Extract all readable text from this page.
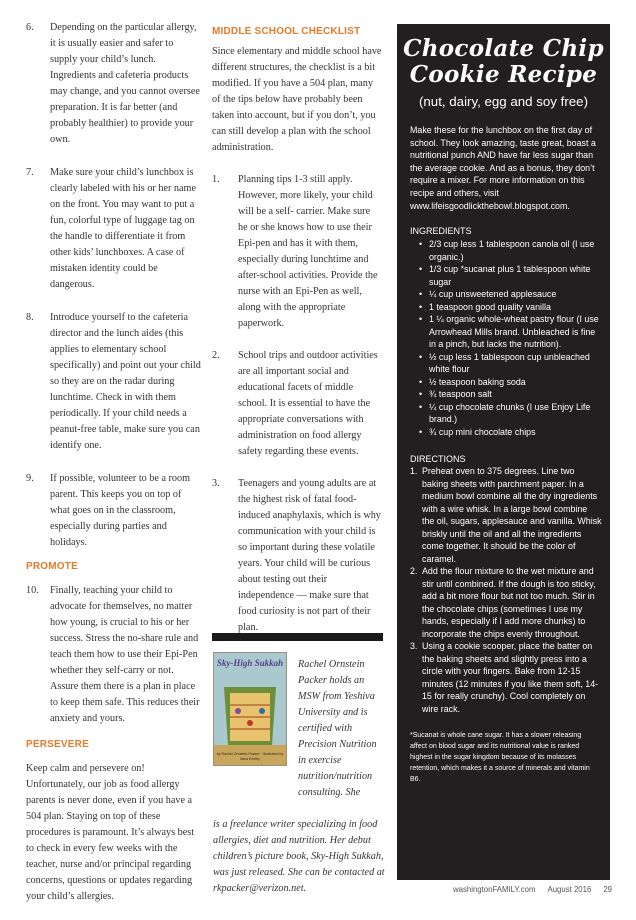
6.	Depending on the particular allergy, it is usually easier and safer to supply your child’s lunch. Ingredients and cafeteria products may change, and you cannot oversee preparation. It is far better (and probably healthier) to provide your own.
7.	Make sure your child’s lunchbox is clearly labeled with his or her name on the front. You may want to put a fun, colorful type of luggage tag on the handle to differentiate it from other kids’ lunchboxes. A case of mistaken identity could be dangerous.
8.	Introduce yourself to the cafeteria director and the lunch aides (this applies to elementary school specifically) and point out your child so they are on the radar during lunchtime. Check in with them periodically. If your child needs a peanut-free table, make sure you can identify one.
9.	If possible, volunteer to be a room parent. This keeps you on top of what goes on in the classroom, especially during parties and holidays.
PROMOTE
10.	Finally, teaching your child to advocate for themselves, no matter how young, is crucial to his or her success. Stress the no-share rule and teach them how to use their Epi-Pen whether they self-carry or not. Assure them there is a plan in place to keep them safe. This reduces their anxiety and yours.
PERSEVERE
Keep calm and persevere on! Unfortunately, our job as food allergy parents is never done, even if you have a 504 plan. Staying on top of these procedures is paramount. It’s always best to check in every few weeks with the teacher, nurse and/or principal regarding concerns, questions or updates regarding your child’s allergies.
MIDDLE SCHOOL CHECKLIST
Since elementary and middle school have different structures, the checklist is a bit modified. If you have a 504 plan, many of the tips below have probably been taken into account, but if you don’t, you can still develop a plan with the school administration.
1.	Planning tips 1-3 still apply. However, more likely, your child will be a self- carrier. Make sure he or she knows how to use their Epi-pen and has it with them, especially during lunchtime and after-school activities. Provide the nurse with an Epi-Pen as well, along with the appropriate paperwork.
2.	School trips and outdoor activities are all important social and educational facets of middle school. It is essential to have the appropriate conversations with administration on food allergy safety regarding these events.
3.	Teenagers and young adults are at the highest risk of fatal food-induced anaphylaxis, which is why communication with your child is so important during these volatile years. Your child will be curious about testing out their independence — make sure that food curiosity is not part of their plan.
Sky-High Sukkah
by Rachel Ornstein-Packer · Illustrated by Ilana Exelby
Rachel Ornstein Packer holds an MSW from Yeshiva University and is certified with Precision Nutrition in exercise nutrition/nutrition consulting. She
is a freelance writer specializing in food allergies, diet and nutrition. Her debut children’s picture book, Sky-High Sukkah, was just released. She can be contacted at rkpacker@verizon.net.
Chocolate Chip
Cookie Recipe
(nut, dairy, egg and soy free)
Make these for the lunchbox on the first day of school. They look amazing, taste great, boast a nutritional punch AND have far less sugar than the average cookie. And as a bonus, they don’t require a mixer. For more information on this recipe and others, visit www.lifeisgoodlickthebowl.blogspot.com.
INGREDIENTS
• 2/3 cup less 1 tablespoon canola oil (I use organic.)
• 1/3 cup *sucanat plus 1 tablespoon white sugar
• ¼ cup unsweetened applesauce
• 1 teaspoon good quality vanilla
• 1 ¼ organic whole-wheat pastry flour (I use Arrowhead Mills brand. Unbleached is fine in a pinch, but lacks the nutrition).
• ½ cup less 1 tablespoon cup unbleached white flour
• ½ teaspoon baking soda
• ¾ teaspoon salt
• ¼ cup chocolate chunks (I use Enjoy Life brand.)
• ¾ cup mini chocolate chips
DIRECTIONS
1. Preheat oven to 375 degrees. Line two baking sheets with parchment paper. In a medium bowl combine all the dry ingredients with a wire whisk. In a large bowl combine the oil, sugars, applesauce and vanilla. Whisk briskly until the oil and all the ingredients come together. It should be the color of caramel.
2. Add the flour mixture to the wet mixture and stir until combined. If the dough is too sticky, add a bit more flour but not too much. Stir in the chocolate chips (sometimes I use my hands, especially if I add more chunks) to incorporate the chips evenly throughout.
3. Using a cookie scooper, place the batter on the baking sheets and slightly press into a circle with your fingers. Bake from 12-15 minutes (12 minutes if you like them soft, 14-15 for really crunchy). Cool completely on wire rack.
*Sucanat is whole cane sugar. It has a slower releasing affect on blood sugar and its nutritional value is ranked highest in the sugar kingdom because of its molasses retention, which makes it a source of minerals and vitamin B6.
washingtonFAMILY.com August 2016 29
